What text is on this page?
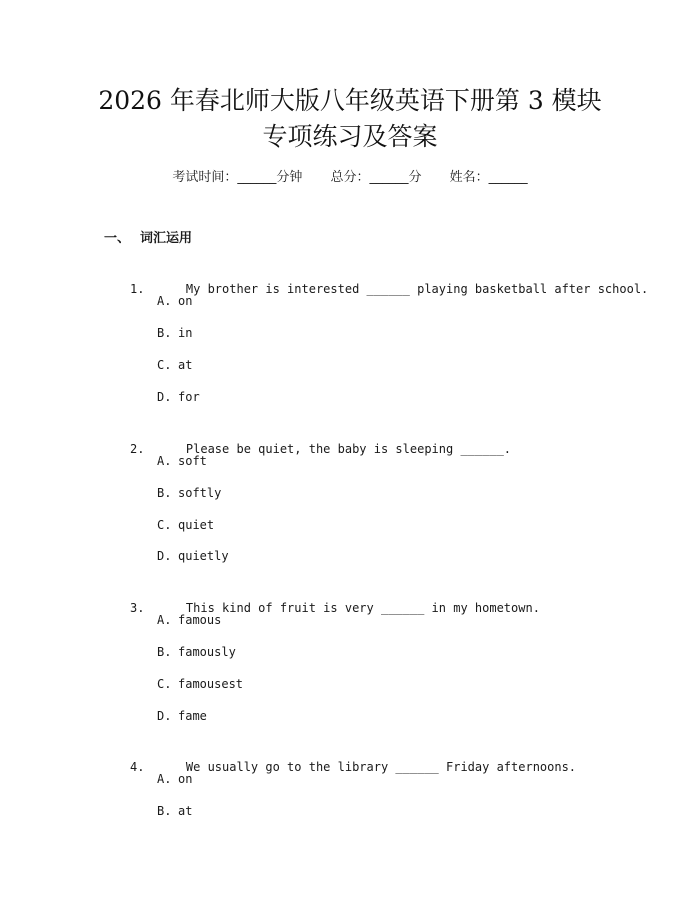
2026 年春北师大版八年级英语下册第 3 模块
专项练习及答案
考试时间：______分钟 总分：______分 姓名：______
一、 词汇运用

1.	My brother is interested ______ playing basketball after school.

A. on
B. in
C. at
D. for

2.	Please be quiet, the baby is sleeping ______.

A. soft
B. softly
C. quiet
D. quietly

3.	This kind of fruit is very ______ in my hometown.

A. famous
B. famously
C. famousest
D. fame

4.	We usually go to the library ______ Friday afternoons.

A. on
B. at
